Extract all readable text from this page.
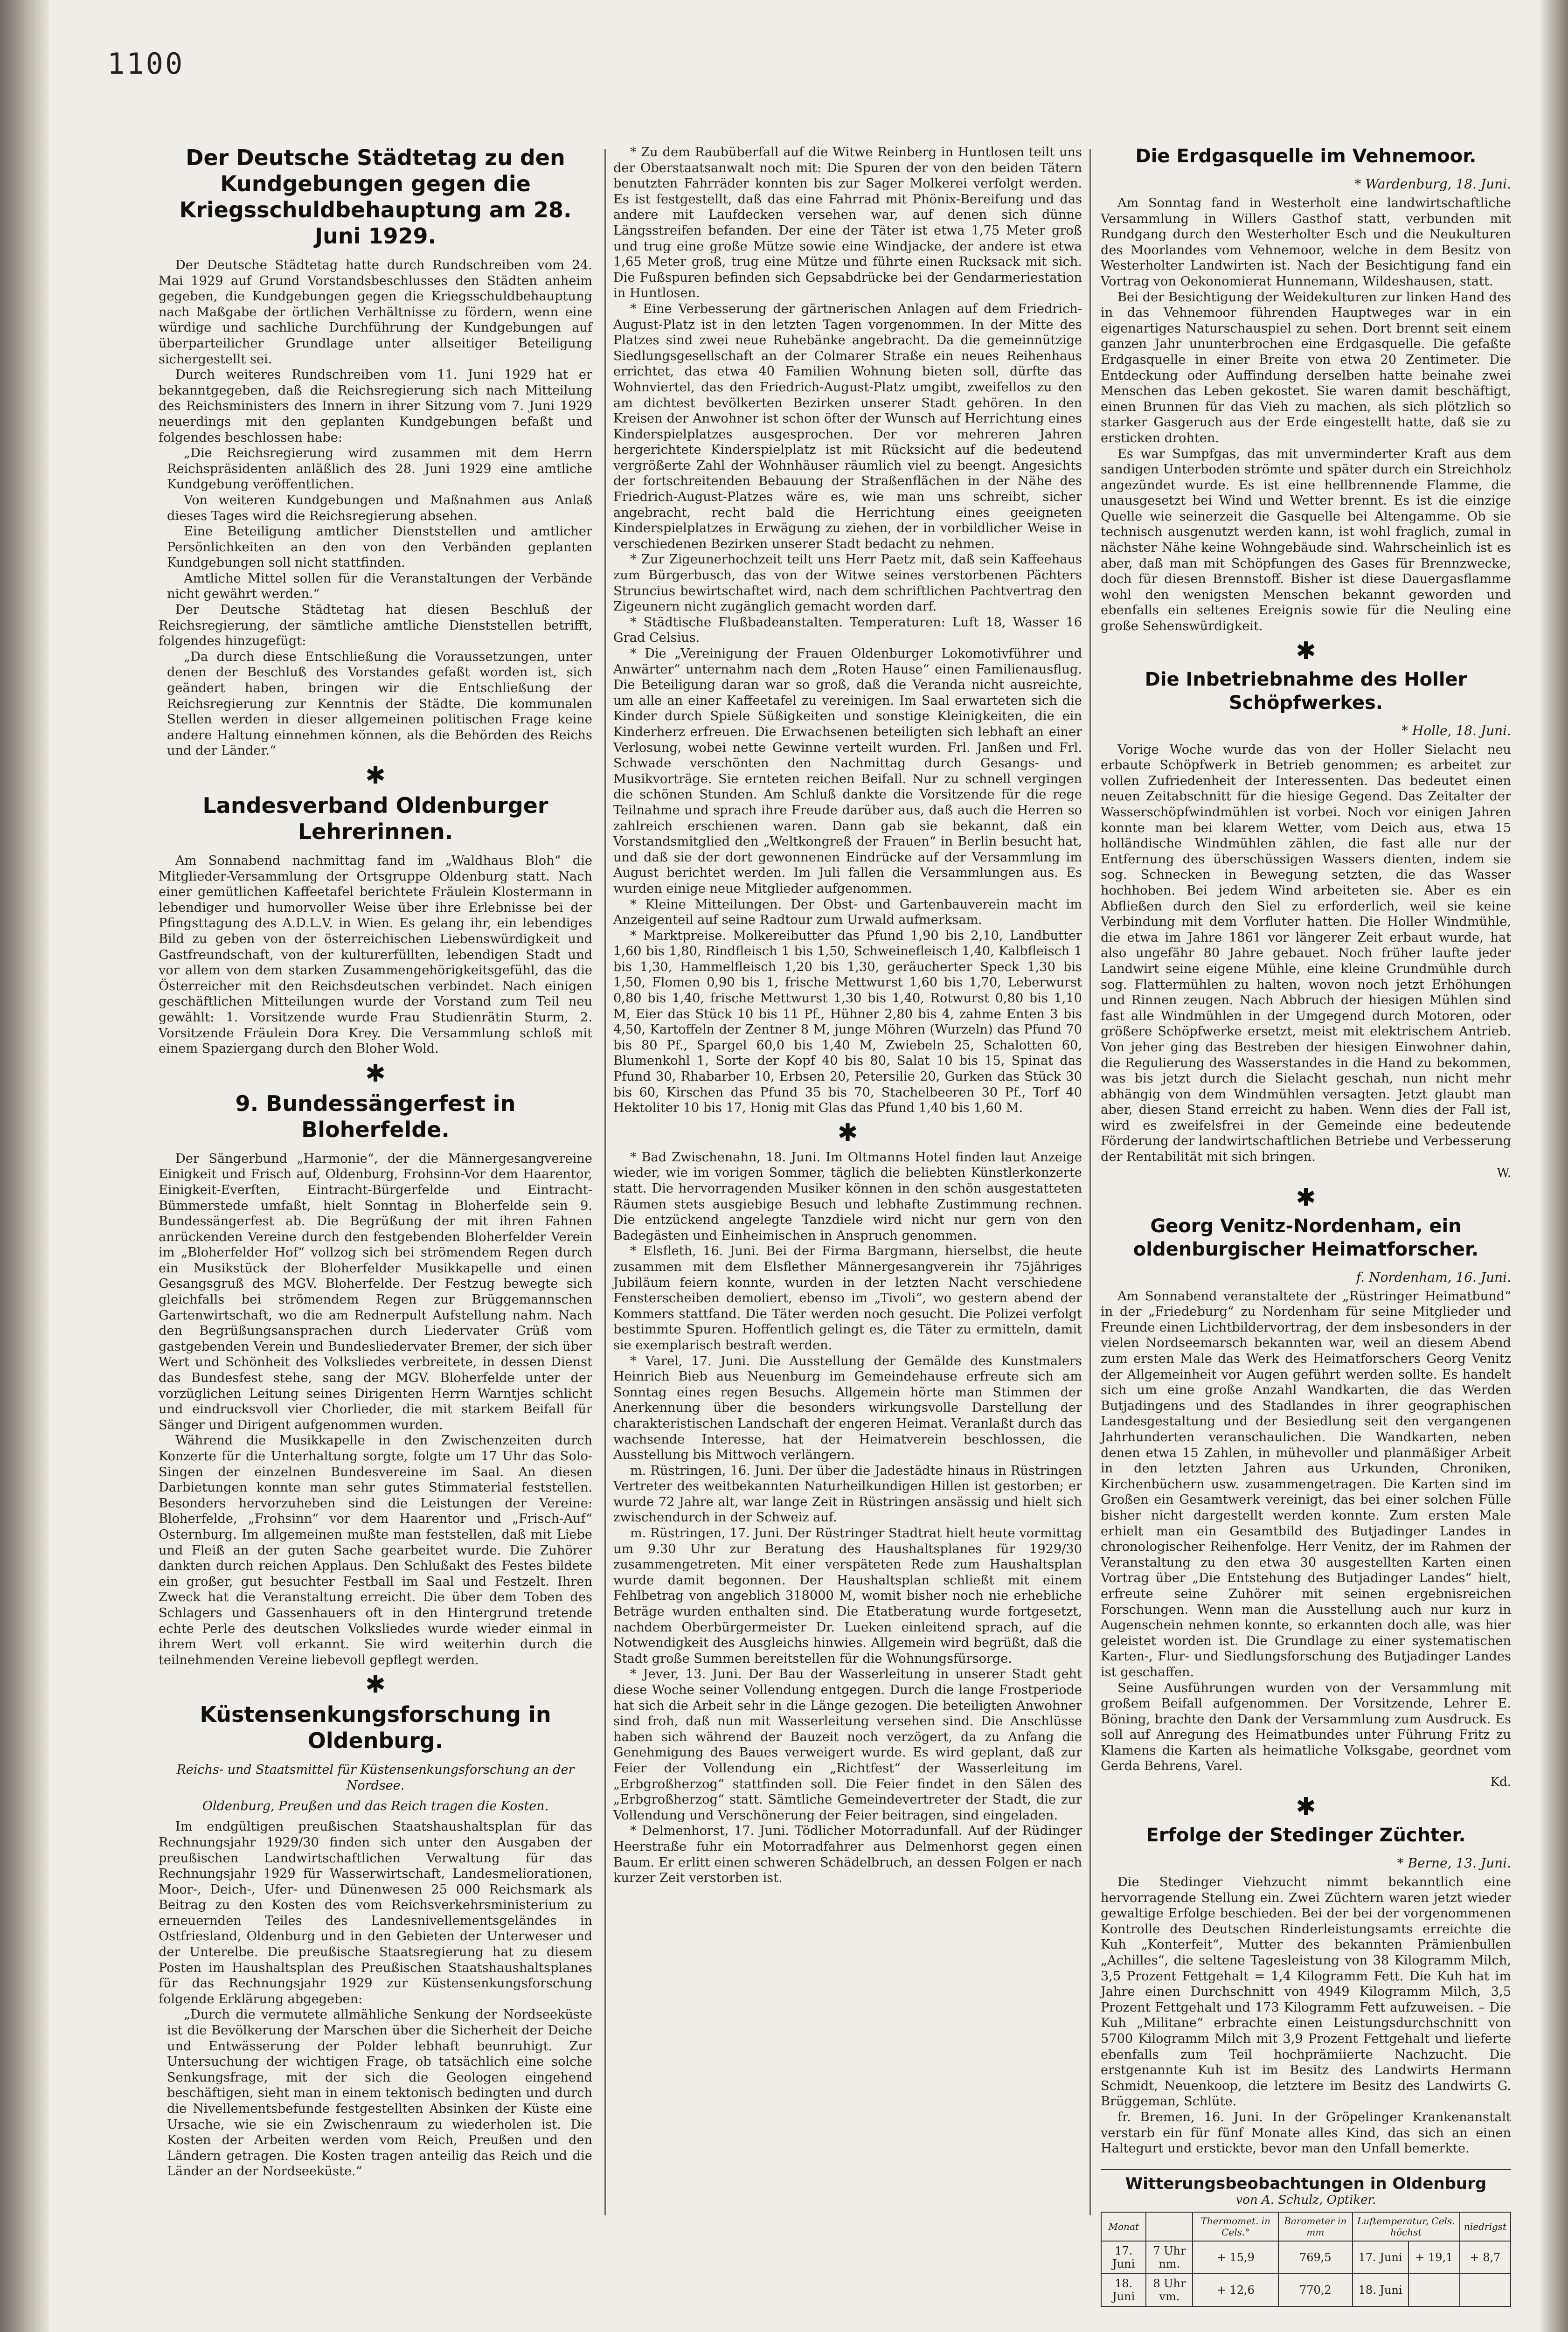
1100
Der Deutsche Städtetag zu den Kundgebungen gegen die Kriegsschuldbehauptung am 28. Juni 1929.

Der Deutsche Städtetag hatte durch Rundschreiben vom 24. Mai 1929 auf Grund Vorstandsbeschlusses den Städten anheim gegeben, die Kundgebungen gegen die Kriegsschuldbehauptung nach Maßgabe der örtlichen Verhältnisse zu fördern, wenn eine würdige und sachliche Durchführung der Kundgebungen auf überparteilicher Grundlage unter allseitiger Beteiligung sichergestellt sei.

Durch weiteres Rundschreiben vom 11. Juni 1929 hat er bekanntgegeben, daß die Reichsregierung sich nach Mitteilung des Reichsministers des Innern in ihrer Sitzung vom 7. Juni 1929 neuerdings mit den geplanten Kundgebungen befaßt und folgendes beschlossen habe:

„Die Reichsregierung wird zusammen mit dem Herrn Reichspräsidenten anläßlich des 28. Juni 1929 eine amtliche Kundgebung veröffentlichen.

Von weiteren Kundgebungen und Maßnahmen aus Anlaß dieses Tages wird die Reichsregierung absehen.

Eine Beteiligung amtlicher Dienststellen und amtlicher Persönlichkeiten an den von den Verbänden geplanten Kundgebungen soll nicht stattfinden.

Amtliche Mittel sollen für die Veranstaltungen der Verbände nicht gewährt werden.“

Der Deutsche Städtetag hat diesen Beschluß der Reichsregierung, der sämtliche amtliche Dienststellen betrifft, folgendes hinzugefügt:

„Da durch diese Entschließung die Voraussetzungen, unter denen der Beschluß des Vorstandes gefaßt worden ist, sich geändert haben, bringen wir die Entschließung der Reichsregierung zur Kenntnis der Städte. Die kommunalen Stellen werden in dieser allgemeinen politischen Frage keine andere Haltung einnehmen können, als die Behörden des Reichs und der Länder.“

✱
Landesverband Oldenburger Lehrerinnen.

Am Sonnabend nachmittag fand im „Waldhaus Bloh“ die Mitglieder-Versammlung der Ortsgruppe Oldenburg statt. Nach einer gemütlichen Kaffeetafel berichtete Fräulein Klostermann in lebendiger und humorvoller Weise über ihre Erlebnisse bei der Pfingsttagung des A.D.L.V. in Wien. Es gelang ihr, ein lebendiges Bild zu geben von der österreichischen Liebenswürdigkeit und Gastfreundschaft, von der kulturerfüllten, lebendigen Stadt und vor allem von dem starken Zusammengehörigkeitsgefühl, das die Österreicher mit den Reichsdeutschen verbindet. Nach einigen geschäftlichen Mitteilungen wurde der Vorstand zum Teil neu gewählt: 1. Vorsitzende wurde Frau Studienrätin Sturm, 2. Vorsitzende Fräulein Dora Krey. Die Versammlung schloß mit einem Spaziergang durch den Bloher Wold.

✱
9. Bundessängerfest in Bloherfelde.

Der Sängerbund „Harmonie“, der die Männergesangvereine Einigkeit und Frisch auf, Oldenburg, Frohsinn-Vor dem Haarentor, Einigkeit-Everſten, Eintracht-Bürgerfelde und Eintracht-Bümmerstede umfaßt, hielt Sonntag in Bloherfelde sein 9. Bundessängerfest ab. Die Begrüßung der mit ihren Fahnen anrückenden Vereine durch den festgebenden Bloherfelder Verein im „Bloherfelder Hof“ vollzog sich bei strömendem Regen durch ein Musikstück der Bloherfelder Musikkapelle und einen Gesangsgruß des MGV. Bloherfelde. Der Festzug bewegte sich gleichfalls bei strömendem Regen zur Brüggemannschen Gartenwirtschaft, wo die am Rednerpult Aufstellung nahm. Nach den Begrüßungsansprachen durch Liedervater Grüß vom gastgebenden Verein und Bundesliedervater Bremer, der sich über Wert und Schönheit des Volksliedes verbreitete, in dessen Dienst das Bundesfest stehe, sang der MGV. Bloherfelde unter der vorzüglichen Leitung seines Dirigenten Herrn Warntjes schlicht und eindrucksvoll vier Chorlieder, die mit starkem Beifall für Sänger und Dirigent aufgenommen wurden.

Während die Musikkapelle in den Zwischenzeiten durch Konzerte für die Unterhaltung sorgte, folgte um 17 Uhr das Solo-Singen der einzelnen Bundesvereine im Saal. An diesen Darbietungen konnte man sehr gutes Stimmaterial feststellen. Besonders hervorzuheben sind die Leistungen der Vereine: Bloherfelde, „Frohsinn“ vor dem Haarentor und „Frisch-Auf“ Osternburg. Im allgemeinen mußte man feststellen, daß mit Liebe und Fleiß an der guten Sache gearbeitet wurde. Die Zuhörer dankten durch reichen Applaus. Den Schlußakt des Festes bildete ein großer, gut besuchter Festball im Saal und Festzelt. Ihren Zweck hat die Veranstaltung erreicht. Die über dem Toben des Schlagers und Gassenhauers oft in den Hintergrund tretende echte Perle des deutschen Volksliedes wurde wieder einmal in ihrem Wert voll erkannt. Sie wird weiterhin durch die teilnehmenden Vereine liebevoll gepflegt werden.

✱
Küstensenkungsforschung in Oldenburg.
Reichs- und Staatsmittel für Küstensenkungsforschung an der Nordsee.
Oldenburg, Preußen und das Reich tragen die Kosten.

Im endgültigen preußischen Staatshaushaltsplan für das Rechnungsjahr 1929/30 finden sich unter den Ausgaben der preußischen Landwirtschaftlichen Verwaltung für das Rechnungsjahr 1929 für Wasserwirtschaft, Landesmeliorationen, Moor-, Deich-, Ufer- und Dünenwesen 25 000 Reichsmark als Beitrag zu den Kosten des vom Reichsverkehrsministerium zu erneuernden Teiles des Landesnivellementsgeländes in Ostfriesland, Oldenburg und in den Gebieten der Unterweser und der Unterelbe. Die preußische Staatsregierung hat zu diesem Posten im Haushaltsplan des Preußischen Staatshaushaltsplanes für das Rechnungsjahr 1929 zur Küstensenkungsforschung folgende Erklärung abgegeben:

„Durch die vermutete allmähliche Senkung der Nordseeküste ist die Bevölkerung der Marschen über die Sicherheit der Deiche und Entwässerung der Polder lebhaft beunruhigt. Zur Untersuchung der wichtigen Frage, ob tatsächlich eine solche Senkungsfrage, mit der sich die Geologen eingehend beschäftigen, sieht man in einem tektonisch bedingten und durch die Nivellementsbefunde festgestellten Absinken der Küste eine Ursache, wie sie ein Zwischenraum zu wiederholen ist. Die Kosten der Arbeiten werden vom Reich, Preußen und den Ländern getragen. Die Kosten tragen anteilig das Reich und die Länder an der Nordseeküste.“

* Zu dem Raubüberfall auf die Witwe Reinberg in Huntlosen teilt uns der Oberstaatsanwalt noch mit: Die Spuren der von den beiden Tätern benutzten Fahrräder konnten bis zur Sager Molkerei verfolgt werden. Es ist festgestellt, daß das eine Fahrrad mit Phönix-Bereifung und das andere mit Laufdecken versehen war, auf denen sich dünne Längsstreifen befanden. Der eine der Täter ist etwa 1,75 Meter groß und trug eine große Mütze sowie eine Windjacke, der andere ist etwa 1,65 Meter groß, trug eine Mütze und führte einen Rucksack mit sich. Die Fußspuren befinden sich Gepsabdrücke bei der Gendarmeriestation in Huntlosen.

* Eine Verbesserung der gärtnerischen Anlagen auf dem Friedrich-August-Platz ist in den letzten Tagen vorgenommen. In der Mitte des Platzes sind zwei neue Ruhebänke angebracht. Da die gemeinnützige Siedlungsgesellschaft an der Colmarer Straße ein neues Reihenhaus errichtet, das etwa 40 Familien Wohnung bieten soll, dürfte das Wohnviertel, das den Friedrich-August-Platz umgibt, zweifellos zu den am dichtest bevölkerten Bezirken unserer Stadt gehören. In den Kreisen der Anwohner ist schon öfter der Wunsch auf Herrichtung eines Kinderspielplatzes ausgesprochen. Der vor mehreren Jahren hergerichtete Kinderspielplatz ist mit Rücksicht auf die bedeutend vergrößerte Zahl der Wohnhäuser räumlich viel zu beengt. Angesichts der fortschreitenden Bebauung der Straßenflächen in der Nähe des Friedrich-August-Platzes wäre es, wie man uns schreibt, sicher angebracht, recht bald die Herrichtung eines geeigneten Kinderspielplatzes in Erwägung zu ziehen, der in vorbildlicher Weise in verschiedenen Bezirken unserer Stadt bedacht zu nehmen.

* Zur Zigeunerhochzeit teilt uns Herr Paetz mit, daß sein Kaffeehaus zum Bürgerbusch, das von der Witwe seines verstorbenen Pächters Struncius bewirtschaftet wird, nach dem schriftlichen Pachtvertrag den Zigeunern nicht zugänglich gemacht worden darf.

* Städtische Flußbadeanstalten. Temperaturen: Luft 18, Wasser 16 Grad Celsius.

* Die „Vereinigung der Frauen Oldenburger Lokomotivführer und Anwärter“ unternahm nach dem „Roten Hause“ einen Familienausflug. Die Beteiligung daran war so groß, daß die Veranda nicht ausreichte, um alle an einer Kaffeetafel zu vereinigen. Im Saal erwarteten sich die Kinder durch Spiele Süßigkeiten und sonstige Kleinigkeiten, die ein Kinderherz erfreuen. Die Erwachsenen beteiligten sich lebhaft an einer Verlosung, wobei nette Gewinne verteilt wurden. Frl. Janßen und Frl. Schwade verschönten den Nachmittag durch Gesangs- und Musikvorträge. Sie ernteten reichen Beifall. Nur zu schnell vergingen die schönen Stunden. Am Schluß dankte die Vorsitzende für die rege Teilnahme und sprach ihre Freude darüber aus, daß auch die Herren so zahlreich erschienen waren. Dann gab sie bekannt, daß ein Vorstandsmitglied den „Weltkongreß der Frauen“ in Berlin besucht hat, und daß sie der dort gewonnenen Eindrücke auf der Versammlung im August berichtet werden. Im Juli fallen die Versammlungen aus. Es wurden einige neue Mitglieder aufgenommen.

* Kleine Mitteilungen. Der Obst- und Gartenbauverein macht im Anzeigenteil auf seine Radtour zum Urwald aufmerksam.

* Marktpreise. Molkereibutter das Pfund 1,90 bis 2,10, Landbutter 1,60 bis 1,80, Rindfleisch 1 bis 1,50, Schweinefleisch 1,40, Kalbfleisch 1 bis 1,30, Hammelfleisch 1,20 bis 1,30, geräucherter Speck 1,30 bis 1,50, Flomen 0,90 bis 1, frische Mettwurst 1,60 bis 1,70, Leberwurst 0,80 bis 1,40, frische Mettwurst 1,30 bis 1,40, Rotwurst 0,80 bis 1,10 M, Eier das Stück 10 bis 11 Pf., Hühner 2,80 bis 4, zahme Enten 3 bis 4,50, Kartoffeln der Zentner 8 M, junge Möhren (Wurzeln) das Pfund 70 bis 80 Pf., Spargel 60,0 bis 1,40 M, Zwiebeln 25, Schalotten 60, Blumenkohl 1, Sorte der Kopf 40 bis 80, Salat 10 bis 15, Spinat das Pfund 30, Rhabarber 10, Erbsen 20, Petersilie 20, Gurken das Stück 30 bis 60, Kirschen das Pfund 35 bis 70, Stachelbeeren 30 Pf., Torf 40 Hektoliter 10 bis 17, Honig mit Glas das Pfund 1,40 bis 1,60 M.

✱

* Bad Zwischenahn, 18. Juni. Im Oltmanns Hotel finden laut Anzeige wieder, wie im vorigen Sommer, täglich die beliebten Künstlerkonzerte statt. Die hervorragenden Musiker können in den schön ausgestatteten Räumen stets ausgiebige Besuch und lebhafte Zustimmung rechnen. Die entzückend angelegte Tanzdiele wird nicht nur gern von den Badegästen und Einheimischen in Anspruch genommen.

* Elsfleth, 16. Juni. Bei der Firma Bargmann, hierselbst, die heute zusammen mit dem Elsflether Männergesangverein ihr 75jähriges Jubiläum feiern konnte, wurden in der letzten Nacht verschiedene Fensterscheiben demoliert, ebenso im „Tivoli“, wo gestern abend der Kommers stattfand. Die Täter werden noch gesucht. Die Polizei verfolgt bestimmte Spuren. Hoffentlich gelingt es, die Täter zu ermitteln, damit sie exemplarisch bestraft werden.

* Varel, 17. Juni. Die Ausstellung der Gemälde des Kunstmalers Heinrich Bieb aus Neuenburg im Gemeindehause erfreute sich am Sonntag eines regen Besuchs. Allgemein hörte man Stimmen der Anerkennung über die besonders wirkungsvolle Darstellung der charakteristischen Landschaft der engeren Heimat. Veranlaßt durch das wachsende Interesse, hat der Heimatverein beschlossen, die Ausstellung bis Mittwoch verlängern.

m. Rüstringen, 16. Juni. Der über die Jadestädte hinaus in Rüstringen Vertreter des weitbekannten Naturheilkundigen Hillen ist gestorben; er wurde 72 Jahre alt, war lange Zeit in Rüstringen ansässig und hielt sich zwischendurch in der Schweiz auf.

m. Rüstringen, 17. Juni. Der Rüstringer Stadtrat hielt heute vormittag um 9.30 Uhr zur Beratung des Haushaltsplanes für 1929/30 zusammengetreten. Mit einer verspäteten Rede zum Haushaltsplan wurde damit begonnen. Der Haushaltsplan schließt mit einem Fehlbetrag von angeblich 318000 M, womit bisher noch nie erhebliche Beträge wurden enthalten sind. Die Etatberatung wurde fortgesetzt, nachdem Oberbürgermeister Dr. Lueken einleitend sprach, auf die Notwendigkeit des Ausgleichs hinwies. Allgemein wird begrüßt, daß die Stadt große Summen bereitstellen für die Wohnungsfürsorge.

* Jever, 13. Juni. Der Bau der Wasserleitung in unserer Stadt geht diese Woche seiner Vollendung entgegen. Durch die lange Frostperiode hat sich die Arbeit sehr in die Länge gezogen. Die beteiligten Anwohner sind froh, daß nun mit Wasserleitung versehen sind. Die Anschlüsse haben sich während der Bauzeit noch verzögert, da zu Anfang die Genehmigung des Baues verweigert wurde. Es wird geplant, daß zur Feier der Vollendung ein „Richtfest“ der Wasserleitung im „Erbgroßherzog“ stattfinden soll. Die Feier findet in den Sälen des „Erbgroßherzog“ statt. Sämtliche Gemeindevertreter der Stadt, die zur Vollendung und Verschönerung der Feier beitragen, sind eingeladen.

* Delmenhorst, 17. Juni. Tödlicher Motorradunfall. Auf der Rüdinger Heerstraße fuhr ein Motorradfahrer aus Delmenhorst gegen einen Baum. Er erlitt einen schweren Schädelbruch, an dessen Folgen er nach kurzer Zeit verstorben ist.

Die Erdgasquelle im Vehnemoor.
* Wardenburg, 18. Juni.

Am Sonntag fand in Westerholt eine landwirtschaftliche Versammlung in Willers Gasthof statt, verbunden mit Rundgang durch den Westerholter Esch und die Neukulturen des Moorlandes vom Vehnemoor, welche in dem Besitz von Westerholter Landwirten ist. Nach der Besichtigung fand ein Vortrag von Oekonomierat Hunnemann, Wildeshausen, statt.

Bei der Besichtigung der Weidekulturen zur linken Hand des in das Vehnemoor führenden Hauptweges war in ein eigenartiges Naturschauspiel zu sehen. Dort brennt seit einem ganzen Jahr ununterbrochen eine Erdgasquelle. Die gefaßte Erdgasquelle in einer Breite von etwa 20 Zentimeter. Die Entdeckung oder Auffindung derselben hatte beinahe zwei Menschen das Leben gekostet. Sie waren damit beschäftigt, einen Brunnen für das Vieh zu machen, als sich plötzlich so starker Gasgeruch aus der Erde eingestellt hatte, daß sie zu ersticken drohten.

Es war Sumpfgas, das mit unverminderter Kraft aus dem sandigen Unterboden strömte und später durch ein Streichholz angezündet wurde. Es ist eine hellbrennende Flamme, die unausgesetzt bei Wind und Wetter brennt. Es ist die einzige Quelle wie seinerzeit die Gasquelle bei Altengamme. Ob sie technisch ausgenutzt werden kann, ist wohl fraglich, zumal in nächster Nähe keine Wohngebäude sind. Wahrscheinlich ist es aber, daß man mit Schöpfungen des Gases für Brennzwecke, doch für diesen Brennstoff. Bisher ist diese Dauergasflamme wohl den wenigsten Menschen bekannt geworden und ebenfalls ein seltenes Ereignis sowie für die Neuling eine große Sehenswürdigkeit.

✱
Die Inbetriebnahme des Holler Schöpfwerkes.
* Holle, 18. Juni.

Vorige Woche wurde das von der Holler Sielacht neu erbaute Schöpfwerk in Betrieb genommen; es arbeitet zur vollen Zufriedenheit der Interessenten. Das bedeutet einen neuen Zeitabschnitt für die hiesige Gegend. Das Zeitalter der Wasserschöpfwindmühlen ist vorbei. Noch vor einigen Jahren konnte man bei klarem Wetter, vom Deich aus, etwa 15 holländische Windmühlen zählen, die fast alle nur der Entfernung des überschüssigen Wassers dienten, indem sie sog. Schnecken in Bewegung setzten, die das Wasser hochhoben. Bei jedem Wind arbeiteten sie. Aber es ein Abfließen durch den Siel zu erforderlich, weil sie keine Verbindung mit dem Vorfluter hatten. Die Holler Windmühle, die etwa im Jahre 1861 vor längerer Zeit erbaut wurde, hat also ungefähr 80 Jahre gebauet. Noch früher laufte jeder Landwirt seine eigene Mühle, eine kleine Grundmühle durch sog. Flattermühlen zu halten, wovon noch jetzt Erhöhungen und Rinnen zeugen. Nach Abbruch der hiesigen Mühlen sind fast alle Windmühlen in der Umgegend durch Motoren, oder größere Schöpfwerke ersetzt, meist mit elektrischem Antrieb. Von jeher ging das Bestreben der hiesigen Einwohner dahin, die Regulierung des Wasserstandes in die Hand zu bekommen, was bis jetzt durch die Sielacht geschah, nun nicht mehr abhängig von dem Windmühlen versagten. Jetzt glaubt man aber, diesen Stand erreicht zu haben. Wenn dies der Fall ist, wird es zweifelsfrei in der Gemeinde eine bedeutende Förderung der landwirtschaftlichen Betriebe und Verbesserung der Rentabilität mit sich bringen.

W.
✱
Georg Venitz-Nordenham, ein oldenburgischer Heimatforscher.
f. Nordenham, 16. Juni.

Am Sonnabend veranstaltete der „Rüstringer Heimatbund“ in der „Friedeburg“ zu Nordenham für seine Mitglieder und Freunde einen Lichtbildervortrag, der dem insbesonders in der vielen Nordseemarsch bekannten war, weil an diesem Abend zum ersten Male das Werk des Heimatforschers Georg Venitz der Allgemeinheit vor Augen geführt werden sollte. Es handelt sich um eine große Anzahl Wandkarten, die das Werden Butjadingens und des Stadlandes in ihrer geographischen Landesgestaltung und der Besiedlung seit den vergangenen Jahrhunderten veranschaulichen. Die Wandkarten, neben denen etwa 15 Zahlen, in mühevoller und planmäßiger Arbeit in den letzten Jahren aus Urkunden, Chroniken, Kirchenbüchern usw. zusammengetragen. Die Karten sind im Großen ein Gesamtwerk vereinigt, das bei einer solchen Fülle bisher nicht dargestellt werden konnte. Zum ersten Male erhielt man ein Gesamtbild des Butjadinger Landes in chronologischer Reihenfolge. Herr Venitz, der im Rahmen der Veranstaltung zu den etwa 30 ausgestellten Karten einen Vortrag über „Die Entstehung des Butjadinger Landes“ hielt, erfreute seine Zuhörer mit seinen ergebnisreichen Forschungen. Wenn man die Ausstellung auch nur kurz in Augenschein nehmen konnte, so erkannten doch alle, was hier geleistet worden ist. Die Grundlage zu einer systematischen Karten-, Flur- und Siedlungsforschung des Butjadinger Landes ist geschaffen.

Seine Ausführungen wurden von der Versammlung mit großem Beifall aufgenommen. Der Vorsitzende, Lehrer E. Böning, brachte den Dank der Versammlung zum Ausdruck. Es soll auf Anregung des Heimatbundes unter Führung Fritz zu Klamens die Karten als heimatliche Volksgabe, geordnet vom Gerda Behrens, Varel.

Kd.
✱
Erfolge der Stedinger Züchter.
* Berne, 13. Juni.

Die Stedinger Viehzucht nimmt bekanntlich eine hervorragende Stellung ein. Zwei Züchtern waren jetzt wieder gewaltige Erfolge beschieden. Bei der bei der vorgenommenen Kontrolle des Deutschen Rinderleistungsamts erreichte die Kuh „Konterfeit“, Mutter des bekannten Prämienbullen „Achilles“, die seltene Tagesleistung von 38 Kilogramm Milch, 3,5 Prozent Fettgehalt = 1,4 Kilogramm Fett. Die Kuh hat im Jahre einen Durchschnitt von 4949 Kilogramm Milch, 3,5 Prozent Fettgehalt und 173 Kilogramm Fett aufzuweisen. – Die Kuh „Militane“ erbrachte einen Leistungsdurchschnitt von 5700 Kilogramm Milch mit 3,9 Prozent Fettgehalt und lieferte ebenfalls zum Teil hochprämiierte Nachzucht. Die erstgenannte Kuh ist im Besitz des Landwirts Hermann Schmidt, Neuenkoop, die letztere im Besitz des Landwirts G. Brüggeman, Schlüte.

fr. Bremen, 16. Juni. In der Gröpelinger Krankenanstalt verstarb ein für fünf Monate alles Kind, das sich an einen Haltegurt und erstickte, bevor man den Unfall bemerkte.

Witterungsbeobachtungen in Oldenburg
von A. Schulz, Optiker.
Monat		Thermomet. in Cels.°	Barometer in mm	Luftemperatur, Cels. höchst		niedrigst
17. Juni	7 Uhr nm.	+ 15,9	769,5	17. Juni	+ 19,1	+ 8,7
18. Juni	8 Uhr vm.	+ 12,6	770,2	18. Juni		
